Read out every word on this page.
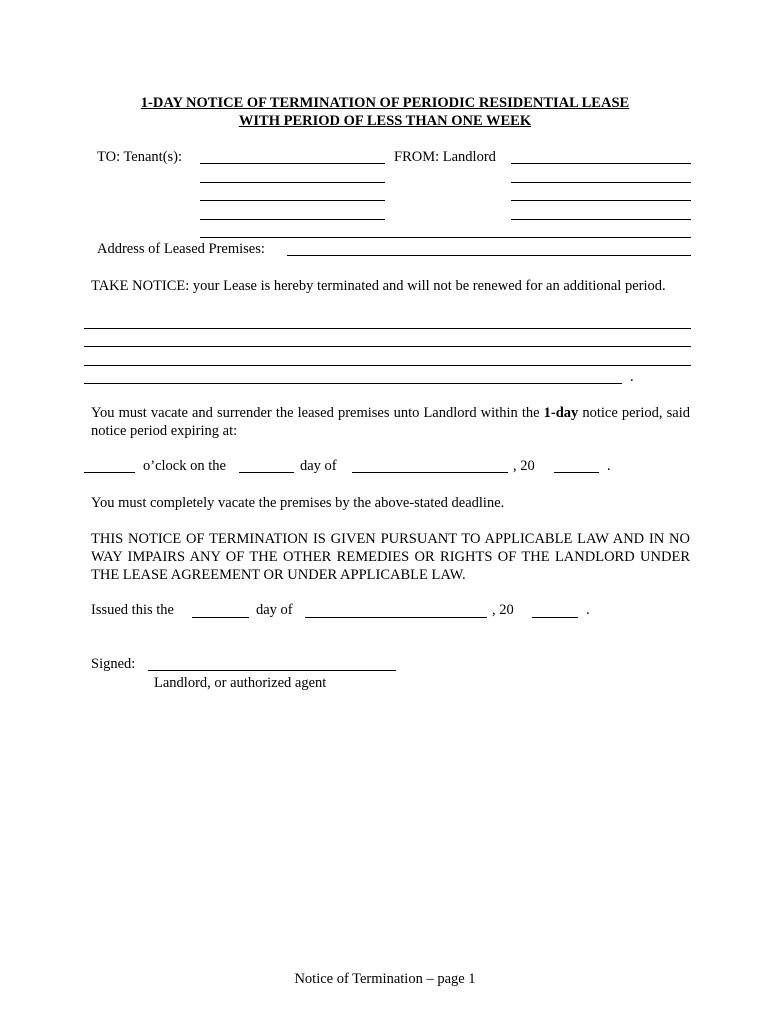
1-DAY NOTICE OF TERMINATION OF PERIODIC RESIDENTIAL LEASE
WITH PERIOD OF LESS THAN ONE WEEK
TO: Tenant(s):	FROM: Landlord
Address of Leased Premises:
TAKE NOTICE: your Lease is hereby terminated and will not be renewed for an additional period.
.
You must vacate and surrender the leased premises unto Landlord within the 1-day notice period, said notice period expiring at:
o’clock on the	day of	, 20	.
You must completely vacate the premises by the above-stated deadline.
THIS NOTICE OF TERMINATION IS GIVEN PURSUANT TO APPLICABLE LAW AND IN NO WAY IMPAIRS ANY OF THE OTHER REMEDIES OR RIGHTS OF THE LANDLORD UNDER THE LEASE AGREEMENT OR UNDER APPLICABLE LAW.
Issued this the	day of	, 20	.
Signed:
Landlord, or authorized agent
Notice of Termination – page 1
